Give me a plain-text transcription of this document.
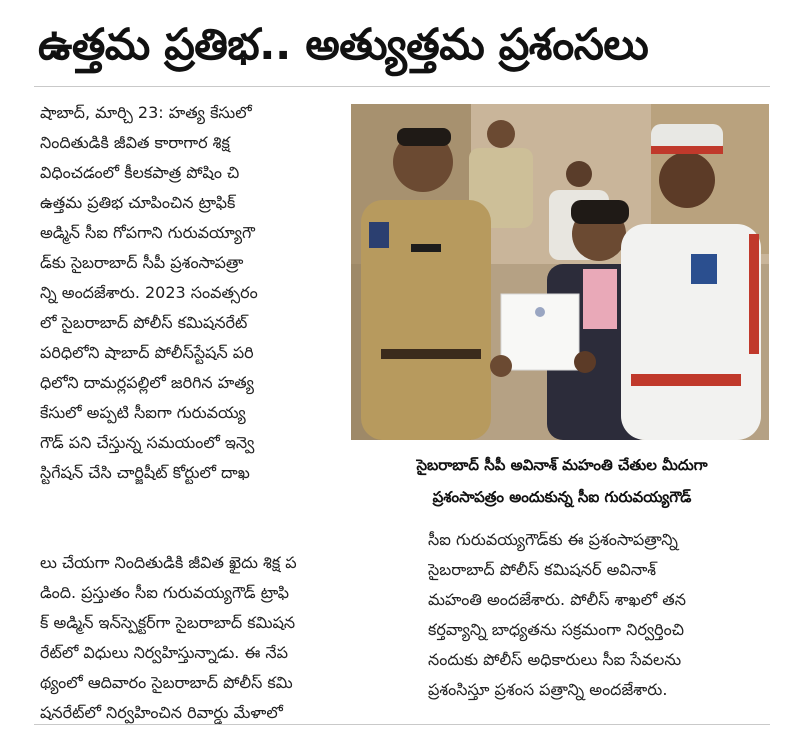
ఉత్తమ ప్రతిభ.. అత్యుత్తమ ప్రశంసలు
షాబాద్, మార్చి 23: హత్య కేసులో
నిందితుడికి జీవిత కారాగార శిక్ష
విధించడంలో కీలకపాత్ర పోషిం చి
ఉత్తమ ప్రతిభ చూపించిన ట్రాఫిక్
అడ్మిన్ సీఐ గోపగాని గురువయ్యాగౌ
డ్‌కు సైబరాబాద్ సీపీ ప్రశంసాపత్రా
న్ని అందజేశారు. 2023 సంవత్సరం
లో సైబరాబాద్ పోలీస్ కమిషనరేట్
పరిధిలోని షాబాద్ పోలీస్‌స్టేషన్ పరి
ధిలోని దామర్లపల్లిలో జరిగిన హత్య
కేసులో అప్పటి సీఐగా గురువయ్య
గౌడ్ పని చేస్తున్న సమయంలో ఇన్వె
స్టిగేషన్ చేసి చార్జిషీట్ కోర్టులో దాఖ	సైబరాబాద్ సీపీ అవినాశ్ మహంతి చేతుల మీదుగా
ప్రశంసాపత్రం అందుకున్న సీఐ గురువయ్యగౌడ్
లు చేయగా నిందితుడికి జీవిత ఖైదు శిక్ష ప
డింది. ప్రస్తుతం సీఐ గురువయ్యగౌడ్ ట్రాఫి
క్ అడ్మిన్ ఇన్‌స్పెక్టర్‌గా సైబరాబాద్ కమిషన
రేట్‌లో విధులు నిర్వహిస్తున్నాడు. ఈ నేప
థ్యంలో ఆదివారం సైబరాబాద్ పోలీస్ కమి
షనరేట్‌లో నిర్వహించిన రివార్డు మేళాలో
సీఐ గురువయ్యగౌడ్‌కు ఈ ప్రశంసాపత్రాన్ని
సైబరాబాద్ పోలీస్ కమిషనర్ అవినాశ్
మహంతి అందజేశారు. పోలీస్ శాఖలో తన
కర్తవ్యాన్ని బాధ్యతను సక్రమంగా నిర్వర్తించి
నందుకు పోలీస్ అధికారులు సీఐ సేవలను
ప్రశంసిస్తూ ప్రశంస పత్రాన్ని అందజేశారు.
